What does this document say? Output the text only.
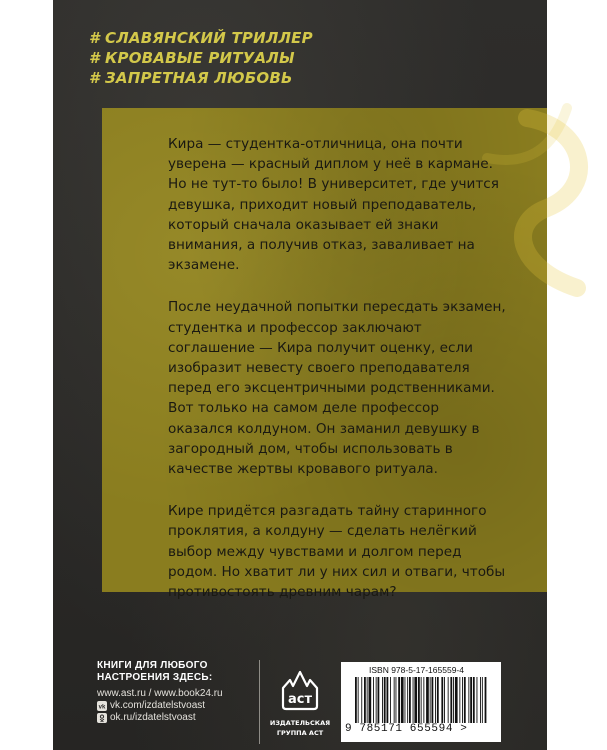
# СЛАВЯНСКИЙ ТРИЛЛЕР
# КРОВАВЫЕ РИТУАЛЫ
# ЗАПРЕТНАЯ ЛЮБОВЬ

Кира — студентка-отличница, она почти уверена — красный диплом у неё в кармане. Но не тут-то было! В университет, где учится девушка, приходит новый преподаватель, который сначала оказывает ей знаки внимания, а получив отказ, заваливает на экзамене.

После неудачной попытки пересдать экзамен, студентка и профессор заключают соглашение — Кира получит оценку, если изобразит невесту своего преподавателя перед его эксцентричными родственниками. Вот только на самом деле профессор оказался колдуном. Он заманил девушку в загородный дом, чтобы использовать в качестве жертвы кровавого ритуала.

Кире придётся разгадать тайну старинного проклятия, а колдуну — сделать нелёгкий выбор между чувствами и долгом перед родом. Но хватит ли у них сил и отваги, чтобы противостоять древним чарам?

КНИГИ ДЛЯ ЛЮБОГО
НАСТРОЕНИЯ ЗДЕСЬ:
www.ast.ru / www.book24.ru
vk vk.com/izdatelstvoast
ok.ru/izdatelstvoast
аст
ИЗДАТЕЛЬСКАЯ
ГРУППА АСТ
ISBN 978-5-17-165559-4
9 785171 655594 >
